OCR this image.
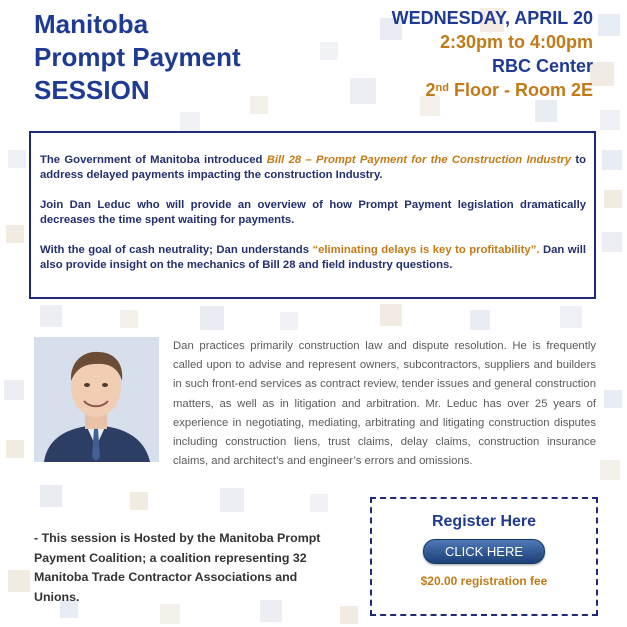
Manitoba
Prompt Payment
SESSION
WEDNESDAY, APRIL 20
2:30pm to 4:00pm
RBC Center
2nd Floor - Room 2E

The Government of Manitoba introduced Bill 28 – Prompt Payment for the Construction Industry to address delayed payments impacting the construction Industry.

Join Dan Leduc who will provide an overview of how Prompt Payment legislation dramatically decreases the time spent waiting for payments.

With the goal of cash neutrality; Dan understands “eliminating delays is key to profitability”. Dan will also provide insight on the mechanics of Bill 28 and field industry questions.

Dan practices primarily construction law and dispute resolution. He is frequently called upon to advise and represent owners, subcontractors, suppliers and builders in such front-end services as contract review, tender issues and general construction matters, as well as in litigation and arbitration. Mr. Leduc has over 25 years of experience in negotiating, mediating, arbitrating and litigating construction disputes including construction liens, trust claims, delay claims, construction insurance claims, and architect’s and engineer’s errors and omissions.

- This session is Hosted by the Manitoba Prompt Payment Coalition; a coalition representing 32 Manitoba Trade Contractor Associations and Unions.

Register Here
CLICK HERE
$20.00 registration fee
